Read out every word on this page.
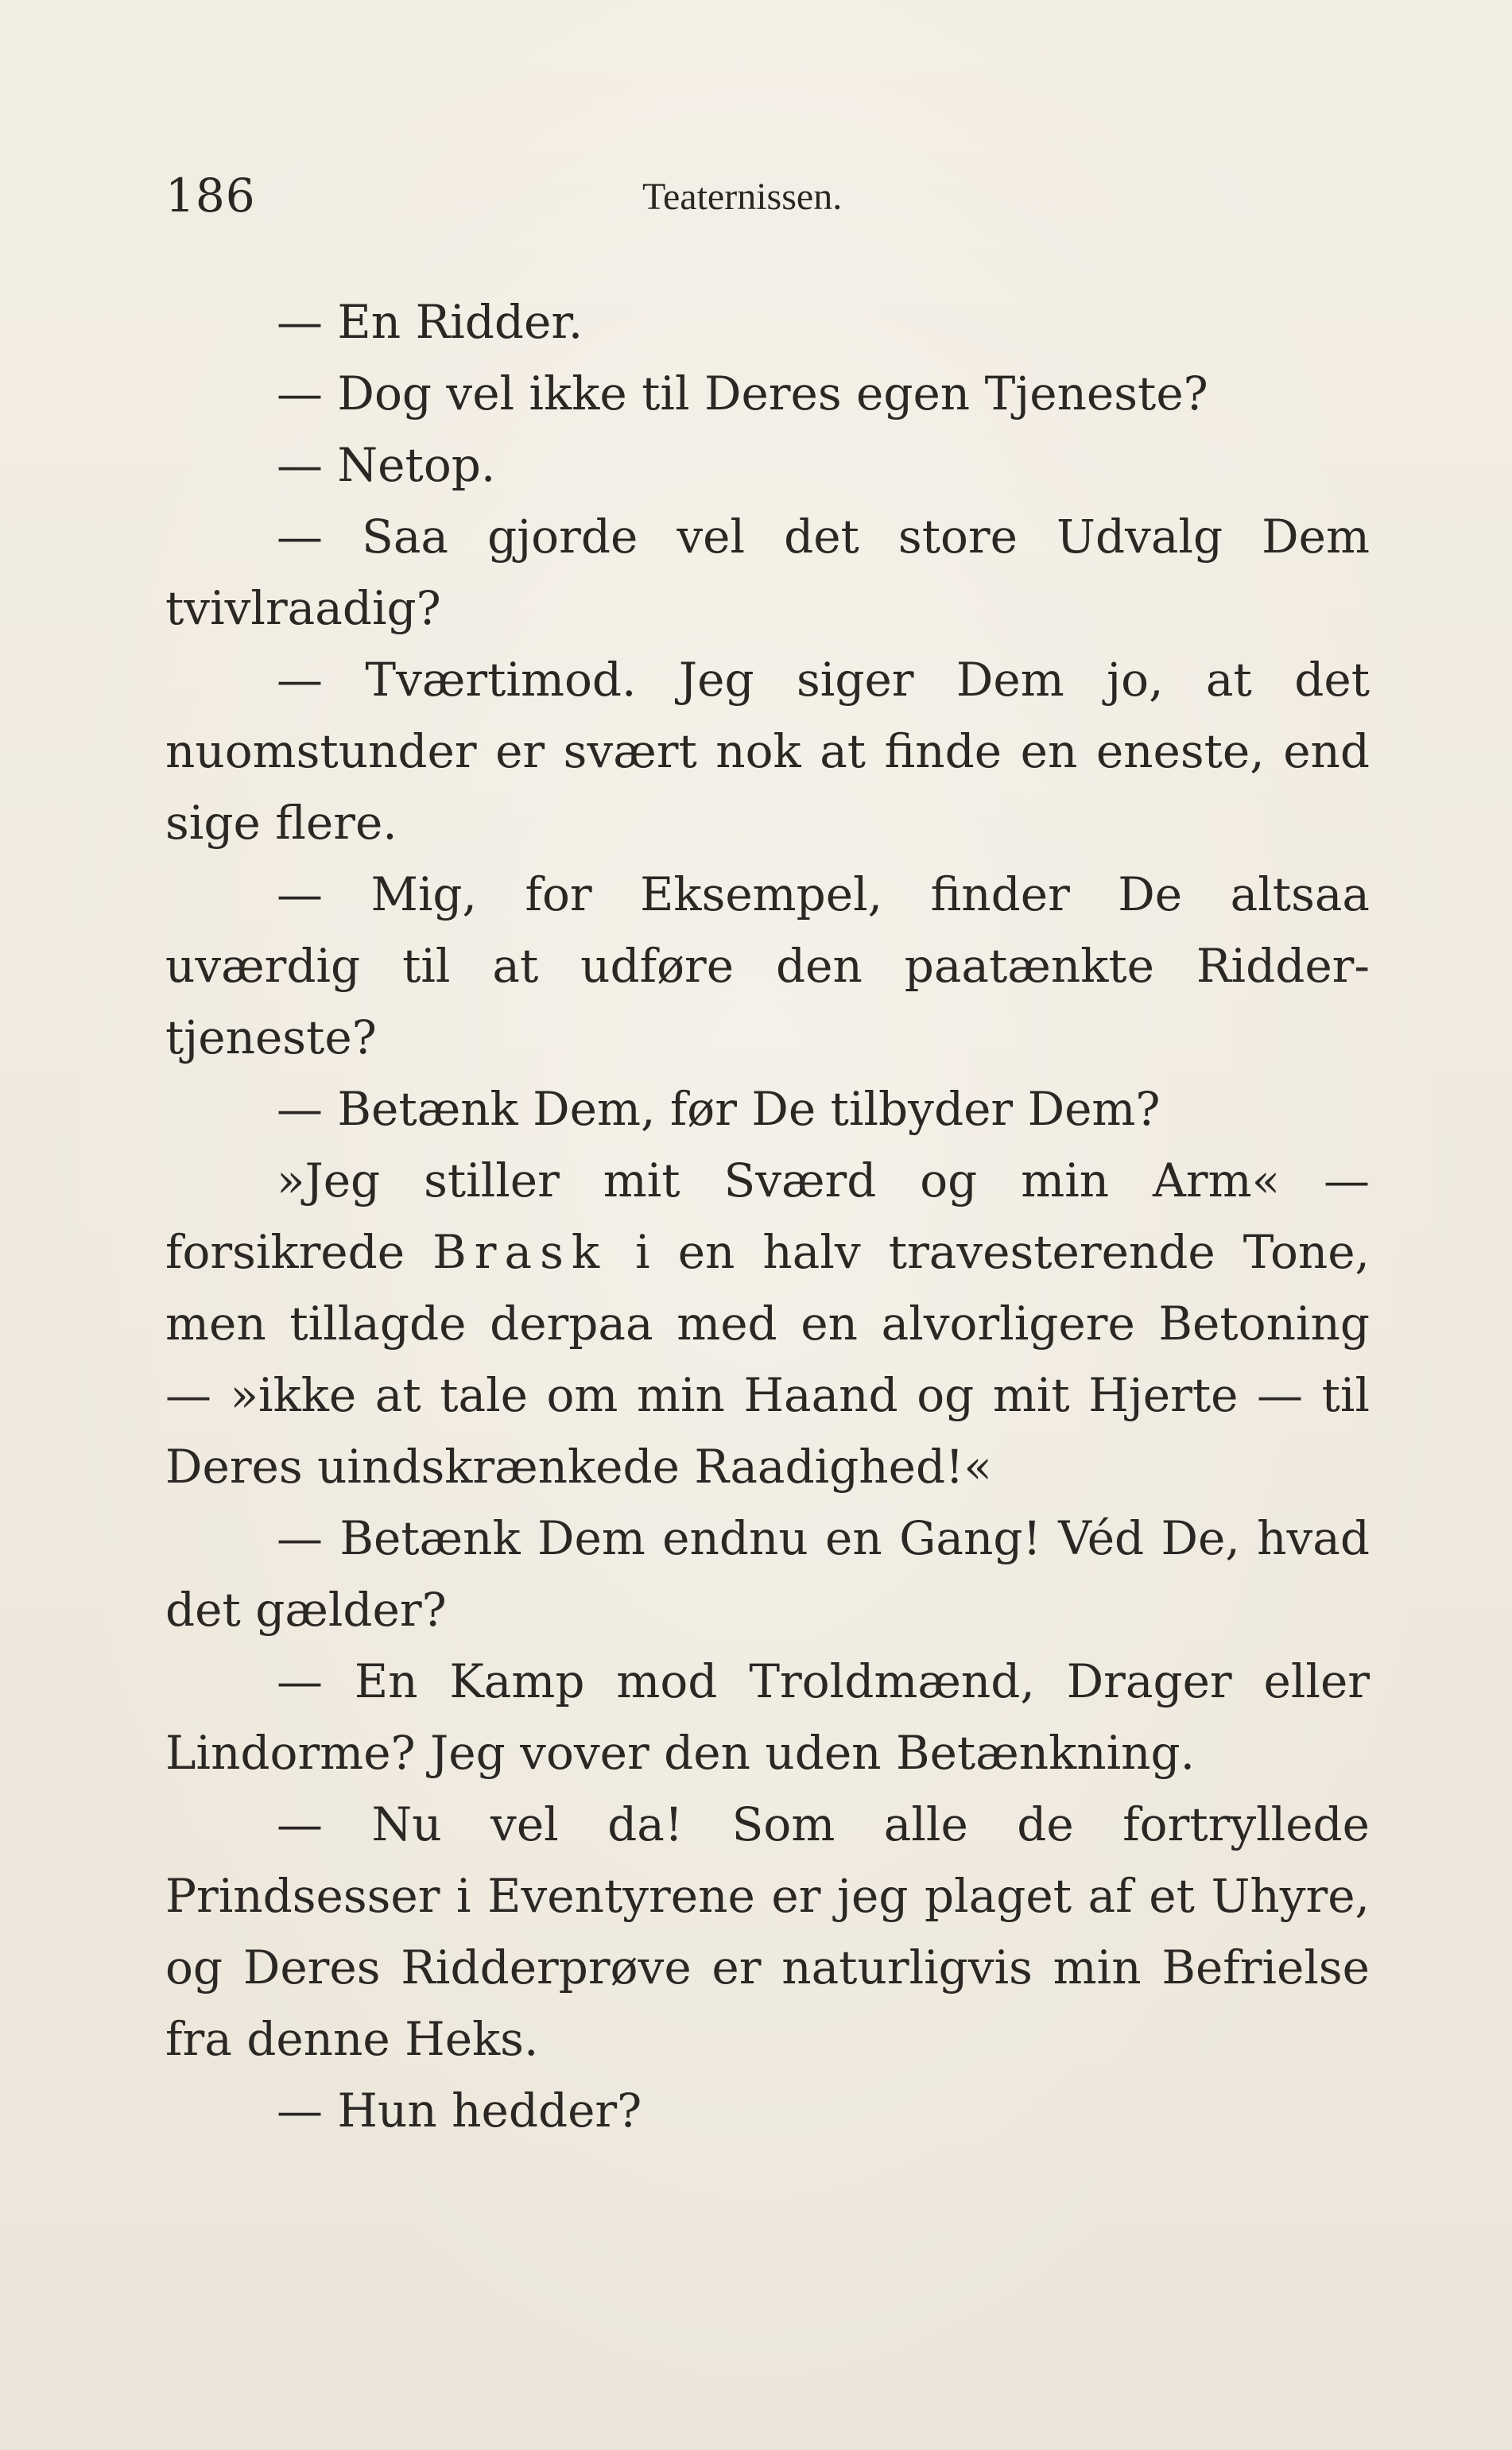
186	Teaternissen.

— En Ridder.

— Dog vel ikke til Deres egen Tjeneste?

— Netop.

— Saa gjorde vel det store Udvalg Dem tvivlraadig?

— Tværtimod. Jeg siger Dem jo, at det nuomstunder er svært nok at finde en eneste, end sige flere.

— Mig, for Eksempel, finder De altsaa uværdig til at udføre den paatænkte Ridder-tjeneste?

— Betænk Dem, før De tilbyder Dem?

»Jeg stiller mit Sværd og min Arm« — forsikrede Brask i en halv travesterende Tone, men tillagde derpaa med en alvorligere Betoning — »ikke at tale om min Haand og mit Hjerte — til Deres uindskrænkede Raadighed!«

— Betænk Dem endnu en Gang! Véd De, hvad det gælder?

— En Kamp mod Troldmænd, Drager eller Lindorme? Jeg vover den uden Betænkning.

— Nu vel da! Som alle de fortryllede Prindsesser i Eventyrene er jeg plaget af et Uhyre, og Deres Ridderprøve er naturligvis min Befrielse fra denne Heks.

— Hun hedder?
